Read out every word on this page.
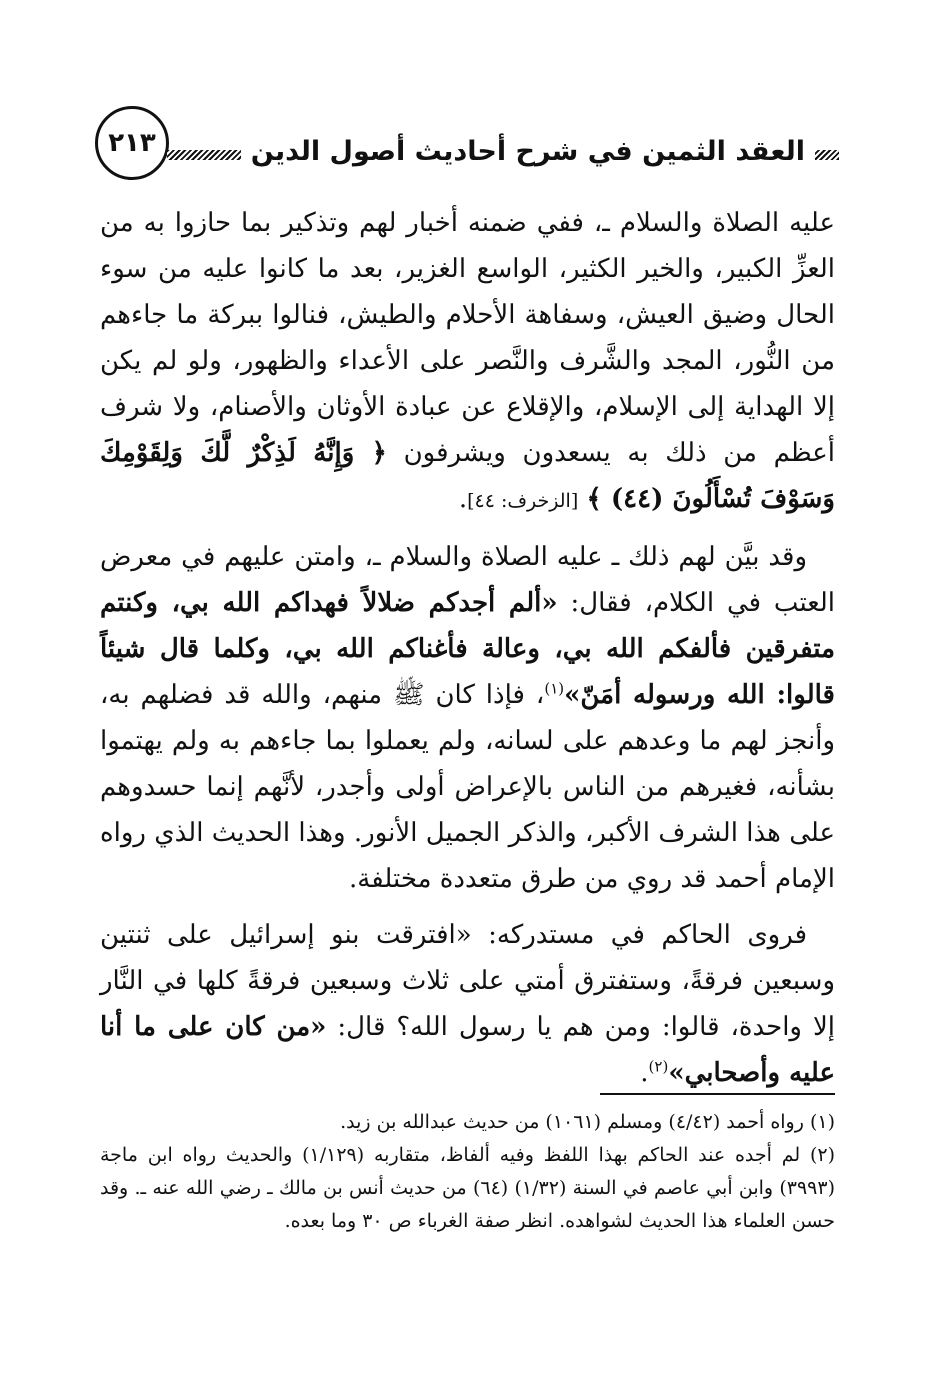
٢١٣	العقد الثمين في شرح أحاديث أصول الدين

عليه الصلاة والسلام ـ، ففي ضمنه أخبار لهم وتذكير بما حازوا به من العزِّ الكبير، والخير الكثير، الواسع الغزير، بعد ما كانوا عليه من سوء الحال وضيق العيش، وسفاهة الأحلام والطيش، فنالوا ببركة ما جاءهم من النُّور، المجد والشَّرف والنَّصر على الأعداء والظهور، ولو لم يكن إلا الهداية إلى الإسلام، والإقلاع عن عبادة الأوثان والأصنام، ولا شرف أعظم من ذلك به يسعدون ويشرفون ﴿ وَإِنَّهُ لَذِكْرٌ لَّكَ وَلِقَوْمِكَ وَسَوْفَ تُسْأَلُونَ (٤٤) ﴾ [الزخرف: ٤٤].

وقد بيَّن لهم ذلك ـ عليه الصلاة والسلام ـ، وامتن عليهم في معرض العتب في الكلام، فقال: «ألم أجدكم ضلالاً فهداكم الله بي، وكنتم متفرقين فألفكم الله بي، وعالة فأغناكم الله بي، وكلما قال شيئاً قالوا: الله ورسوله أمَنّ»$^{(١)}$، فإذا كان ﷺ منهم، والله قد فضلهم به، وأنجز لهم ما وعدهم على لسانه، ولم يعملوا بما جاءهم به ولم يهتموا بشأنه، فغيرهم من الناس بالإعراض أولى وأجدر، لأنَّهم إنما حسدوهم على هذا الشرف الأكبر، والذكر الجميل الأنور. وهذا الحديث الذي رواه الإمام أحمد قد روي من طرق متعددة مختلفة.

فروى الحاكم في مستدركه: «افترقت بنو إسرائيل على ثنتين وسبعين فرقةً، وستفترق أمتي على ثلاث وسبعين فرقةً كلها في النَّار إلا واحدة، قالوا: ومن هم يا رسول الله؟ قال: «من كان على ما أنا عليه وأصحابي»$^{(٢)}$.

(١) رواه أحمد (٤/٤٢) ومسلم (١٠٦١) من حديث عبدالله بن زيد.

(٢) لم أجده عند الحاكم بهذا اللفظ وفيه ألفاظ، متقاربه (١/١٢٩) والحديث رواه ابن ماجة (٣٩٩٣) وابن أبي عاصم في السنة (١/٣٢) (٦٤) من حديث أنس بن مالك ـ رضي الله عنه ـ. وقد حسن العلماء هذا الحديث لشواهده. انظر صفة الغرباء ص ٣٠ وما بعده.
